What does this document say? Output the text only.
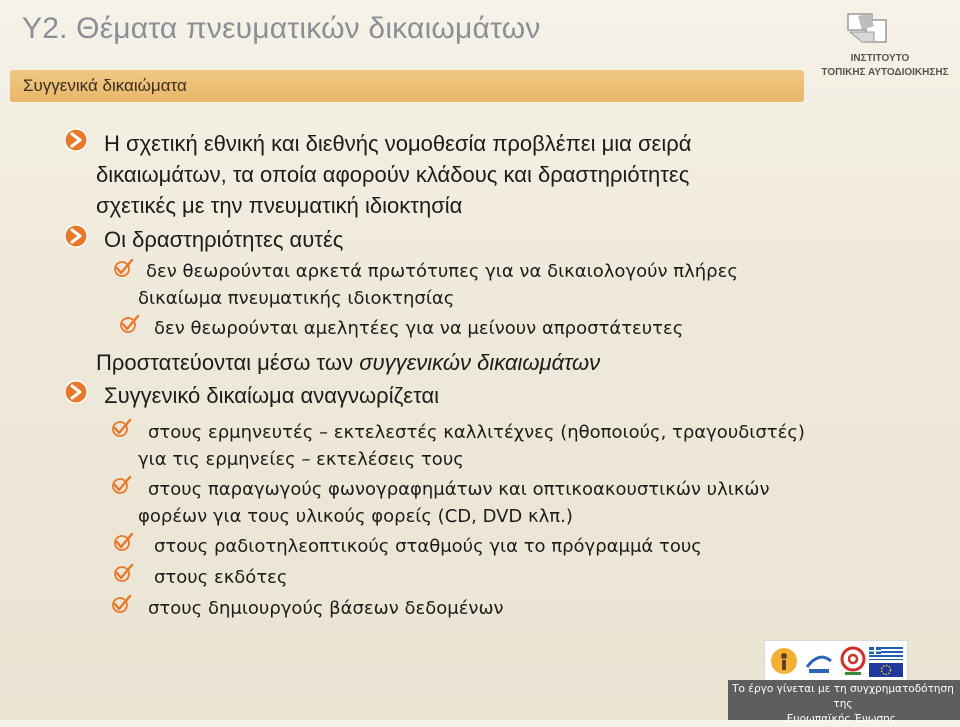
Υ2. Θέματα πνευματικών δικαιωμάτων
Συγγενικά δικαιώματα
ΙΝΣΤΙΤΟΥΤΟ
ΤΟΠΙΚΗΣ ΑΥΤΟΔΙΟΙΚΗΣΗΣ
Η σχετική εθνική και διεθνής νομοθεσία προβλέπει μια σειρά
δικαιωμάτων, τα οποία αφορούν κλάδους και δραστηριότητες
σχετικές με την πνευματική ιδιοκτησία
Οι δραστηριότητες αυτές
δεν θεωρούνται αρκετά πρωτότυπες για να δικαιολογούν πλήρες
δικαίωμα πνευματικής ιδιοκτησίας
δεν θεωρούνται αμελητέες για να μείνουν απροστάτευτες
Προστατεύονται μέσω των συγγενικών δικαιωμάτων
Συγγενικό δικαίωμα αναγνωρίζεται
στους ερμηνευτές – εκτελεστές καλλιτέχνες (ηθοποιούς, τραγουδιστές)
για τις ερμηνείες – εκτελέσεις τους
στους παραγωγούς φωνογραφημάτων και οπτικοακουστικών υλικών
φορέων για τους υλικούς φορείς (CD, DVD κλπ.)
στους ραδιοτηλεοπτικούς σταθμούς για το πρόγραμμά τους
στους εκδότες
στους δημιουργούς βάσεων δεδομένων
Το έργο γίνεται με τη συγχρηματοδότηση της
Ευρωπαϊκής Ένωσης.
